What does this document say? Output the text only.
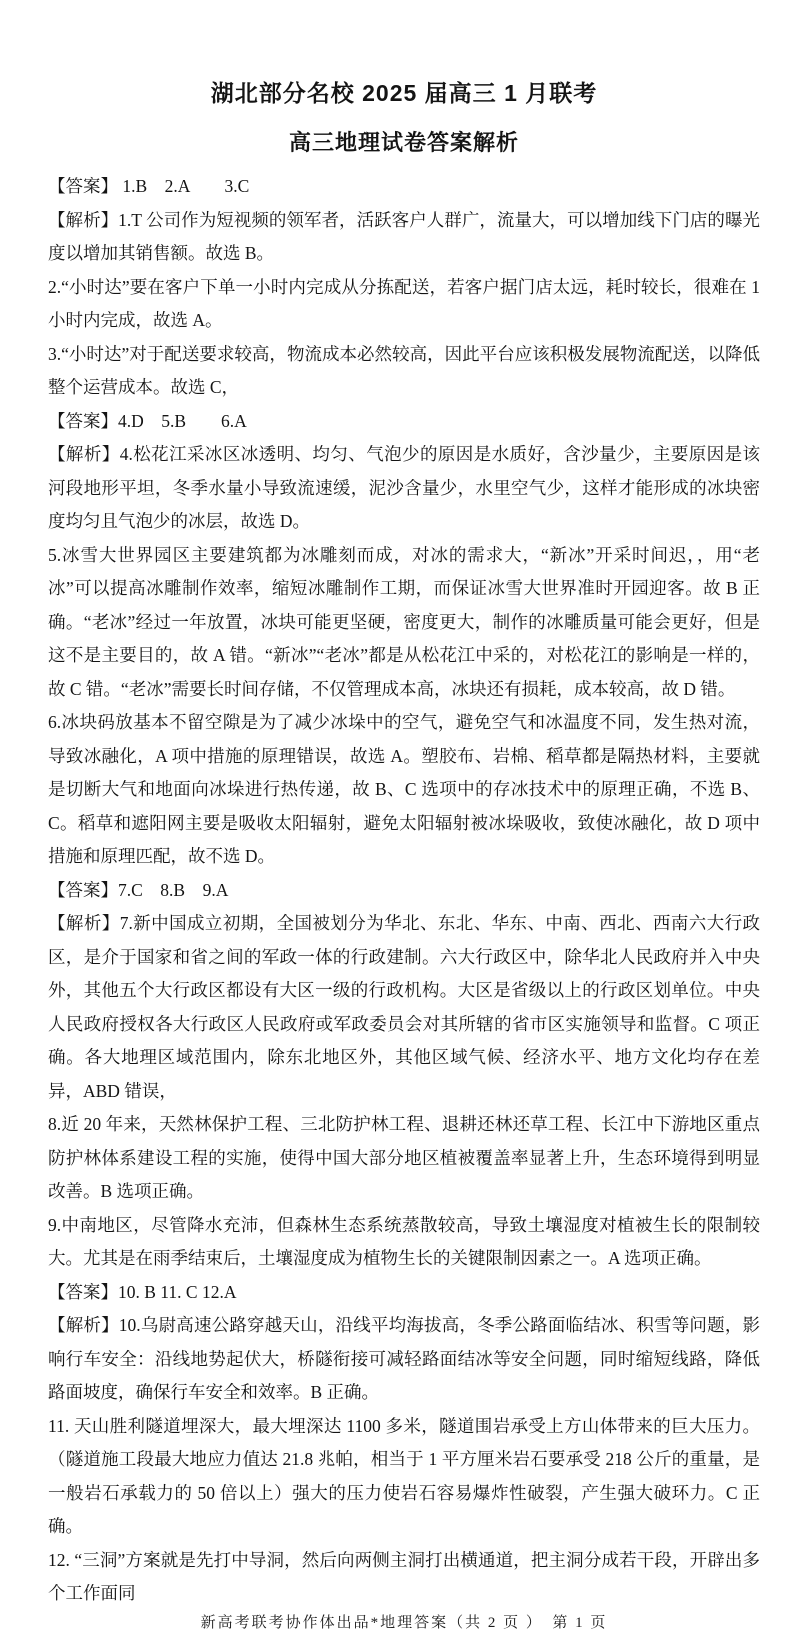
湖北部分名校 2025 届高三 1 月联考
高三地理试卷答案解析

【答案】 1.B　2.A　　3.C

【解析】1.T 公司作为短视频的领军者，活跃客户人群广，流量大，可以增加线下门店的曝光度以增加其销售额。故选 B。

2.“小时达”要在客户下单一小时内完成从分拣配送，若客户据门店太远，耗时较长，很难在 1 小时内完成，故选 A。

3.“小时达”对于配送要求较高，物流成本必然较高，因此平台应该积极发展物流配送，以降低整个运营成本。故选 C，

【答案】4.D　5.B　　6.A

【解析】4.松花江采冰区冰透明、均匀、气泡少的原因是水质好，含沙量少，主要原因是该河段地形平坦，冬季水量小导致流速缓，泥沙含量少，水里空气少，这样才能形成的冰块密度均匀且气泡少的冰层，故选 D。

5.冰雪大世界园区主要建筑都为冰雕刻而成，对冰的需求大，“新冰”开采时间迟，，用“老冰”可以提高冰雕制作效率，缩短冰雕制作工期，而保证冰雪大世界准时开园迎客。故 B 正确。“老冰”经过一年放置，冰块可能更坚硬，密度更大，制作的冰雕质量可能会更好，但是这不是主要目的，故 A 错。“新冰”“老冰”都是从松花江中采的，对松花江的影响是一样的，故 C 错。“老冰”需要长时间存储，不仅管理成本高，冰块还有损耗，成本较高，故 D 错。

6.冰块码放基本不留空隙是为了减少冰垛中的空气，避免空气和冰温度不同，发生热对流，导致冰融化，A 项中措施的原理错误，故选 A。塑胶布、岩棉、稻草都是隔热材料，主要就是切断大气和地面向冰垛进行热传递，故 B、C 选项中的存冰技术中的原理正确，不选 B、C。稻草和遮阳网主要是吸收太阳辐射，避免太阳辐射被冰垛吸收，致使冰融化，故 D 项中措施和原理匹配，故不选 D。

【答案】7.C　8.B　9.A

【解析】7.新中国成立初期，全国被划分为华北、东北、华东、中南、西北、西南六大行政区，是介于国家和省之间的军政一体的行政建制。六大行政区中，除华北人民政府并入中央外，其他五个大行政区都设有大区一级的行政机构。大区是省级以上的行政区划单位。中央人民政府授权各大行政区人民政府或军政委员会对其所辖的省市区实施领导和监督。C 项正确。各大地理区域范围内，除东北地区外，其他区域气候、经济水平、地方文化均存在差异，ABD 错误，

8.近 20 年来，天然林保护工程、三北防护林工程、退耕还林还草工程、长江中下游地区重点防护林体系建设工程的实施，使得中国大部分地区植被覆盖率显著上升，生态环境得到明显改善。B 选项正确。

9.中南地区，尽管降水充沛，但森林生态系统蒸散较高，导致土壤湿度对植被生长的限制较大。尤其是在雨季结束后，土壤湿度成为植物生长的关键限制因素之一。A 选项正确。

【答案】10. B 11. C 12.A

【解析】10.乌尉高速公路穿越天山，沿线平均海拔高，冬季公路面临结冰、积雪等问题，影响行车安全：沿线地势起伏大，桥隧衔接可减轻路面结冰等安全问题，同时缩短线路，降低路面坡度，确保行车安全和效率。B 正确。

11. 天山胜利隧道埋深大，最大埋深达 1100 多米，隧道围岩承受上方山体带来的巨大压力。（隧道施工段最大地应力值达 21.8 兆帕，相当于 1 平方厘米岩石要承受 218 公斤的重量，是一般岩石承载力的 50 倍以上）强大的压力使岩石容易爆炸性破裂，产生强大破环力。C 正确。

12. “三洞”方案就是先打中导洞，然后向两侧主洞打出横通道，把主洞分成若干段，开辟出多个工作面同

新高考联考协作体出品*地理答案（共 2 页 ）　第 1 页
